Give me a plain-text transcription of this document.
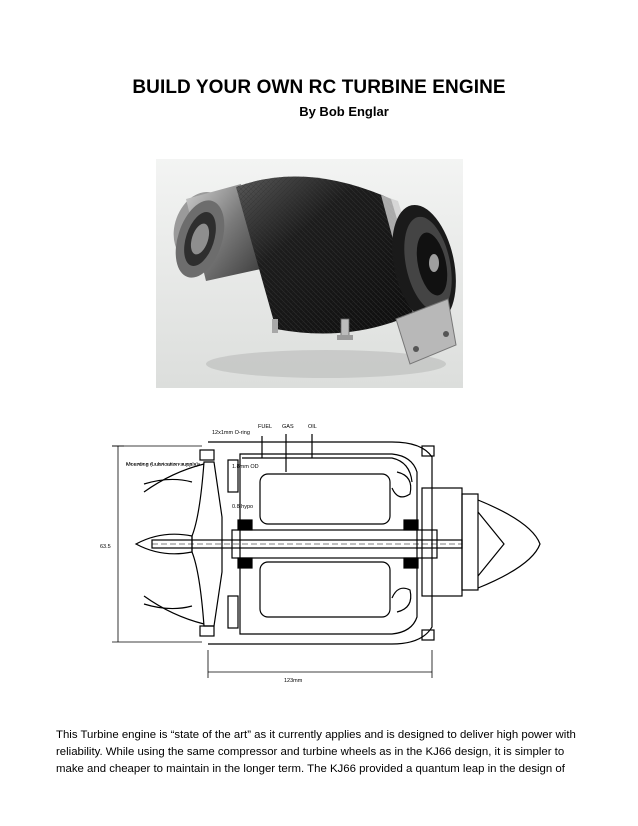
BUILD YOUR OWN RC TURBINE ENGINE
By Bob Englar
12x1mm O-ring
FUEL GAS	OIL
Mounting (Lubrication supply)	1.8mm OD
0.8 hypo
63.5
123mm

This Turbine engine is “state of the art” as it currently applies and is designed to deliver high power with

reliability. While using the same compressor and turbine wheels as in the KJ66 design, it is simpler to

make and cheaper to maintain in the longer term. The KJ66 provided a quantum leap in the design of
